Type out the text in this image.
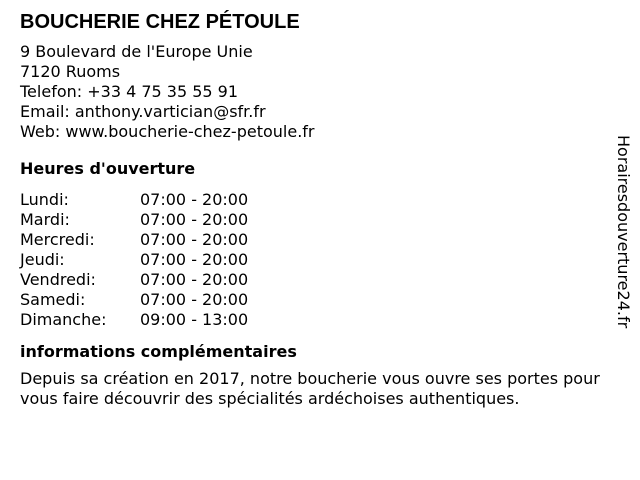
BOUCHERIE CHEZ PÉTOULE
9 Boulevard de l'Europe Unie
7120 Ruoms
Telefon: +33 4 75 35 55 91
Email: anthony.vartician@sfr.fr
Web: www.boucherie-chez-petoule.fr
Heures d'ouverture
Lundi:	07:00 - 20:00
Mardi:	07:00 - 20:00
Mercredi:	07:00 - 20:00
Jeudi:	07:00 - 20:00
Vendredi:	07:00 - 20:00
Samedi:	07:00 - 20:00
Dimanche:	09:00 - 13:00
informations complémentaires
Depuis sa création en 2017, notre boucherie vous ouvre ses portes pour vous faire découvrir des spécialités ardéchoises authentiques.
Horairesdouverture24.fr
